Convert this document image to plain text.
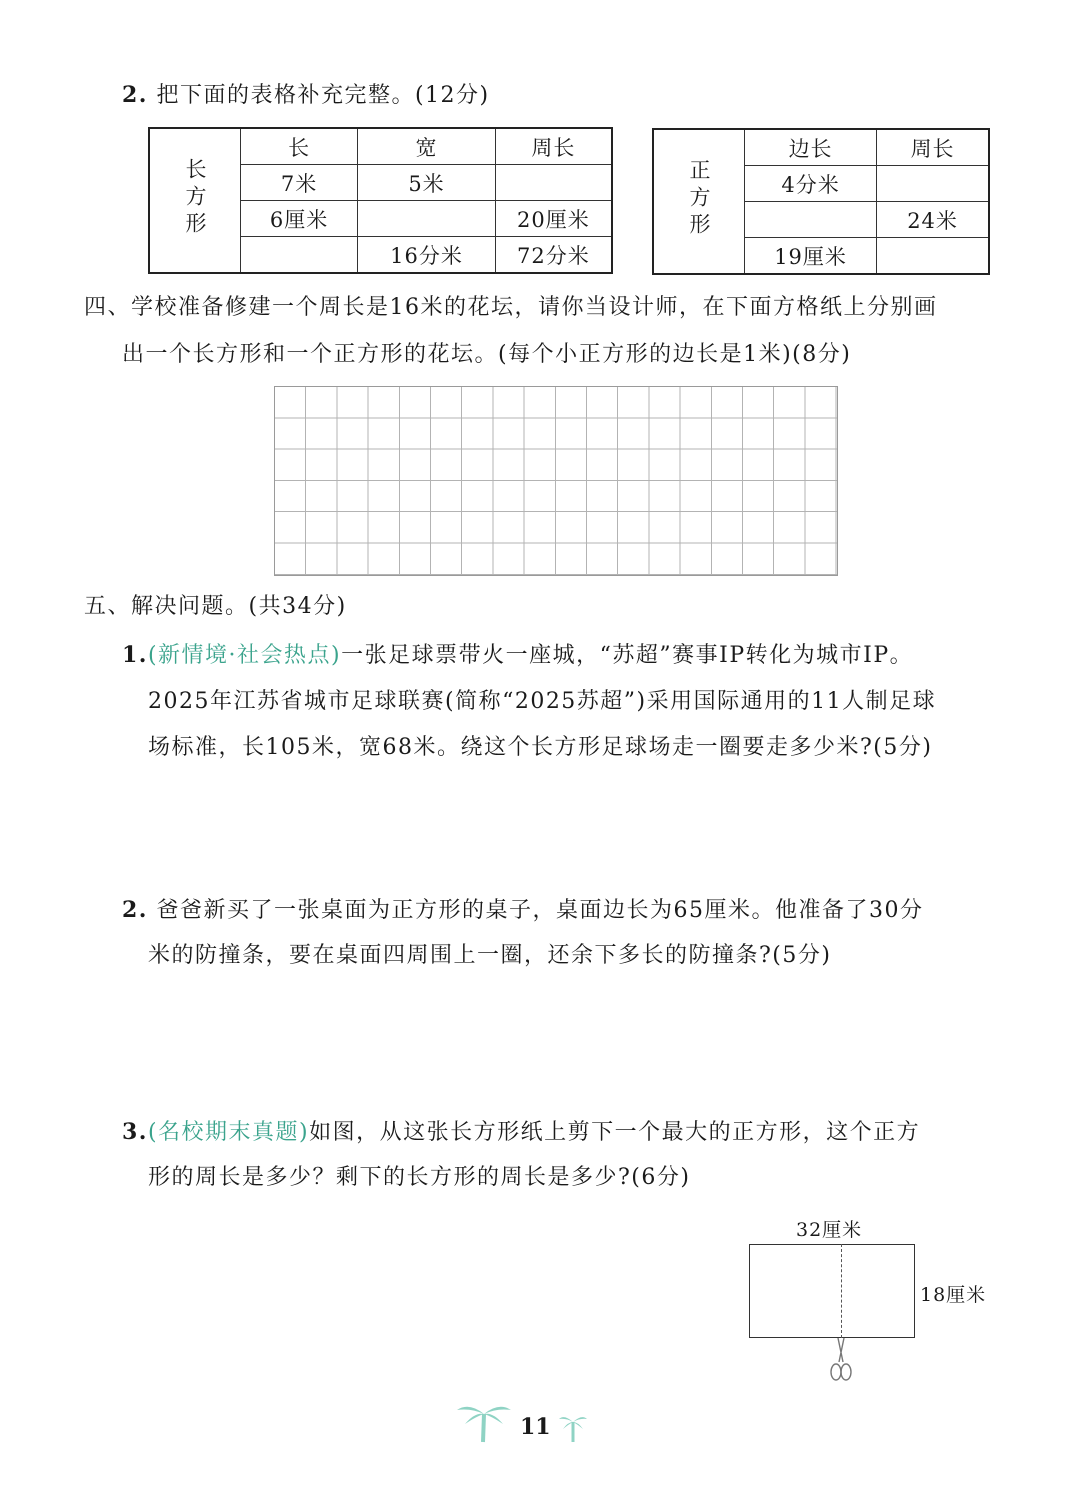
2. 把下面的表格补充完整。(12分)
长方形	长	宽	周长
	7米	5米	
	6厘米		20厘米
		16分米	72分米
正方形	边长	周长
	4分米	
		24米
	19厘米	
四、学校准备修建一个周长是16米的花坛，请你当设计师，在下面方格纸上分别画
出一个长方形和一个正方形的花坛。(每个小正方形的边长是1米)(8分)
五、解决问题。(共34分)
1.(新情境·社会热点)一张足球票带火一座城，“苏超”赛事IP转化为城市IP。
2025年江苏省城市足球联赛(简称“2025苏超”)采用国际通用的11人制足球
场标准，长105米，宽68米。绕这个长方形足球场走一圈要走多少米?(5分)
2. 爸爸新买了一张桌面为正方形的桌子，桌面边长为65厘米。他准备了30分
米的防撞条，要在桌面四周围上一圈，还余下多长的防撞条?(5分)
3.(名校期末真题)如图，从这张长方形纸上剪下一个最大的正方形，这个正方
形的周长是多少？剩下的长方形的周长是多少?(6分)
32厘米
18厘米
11
